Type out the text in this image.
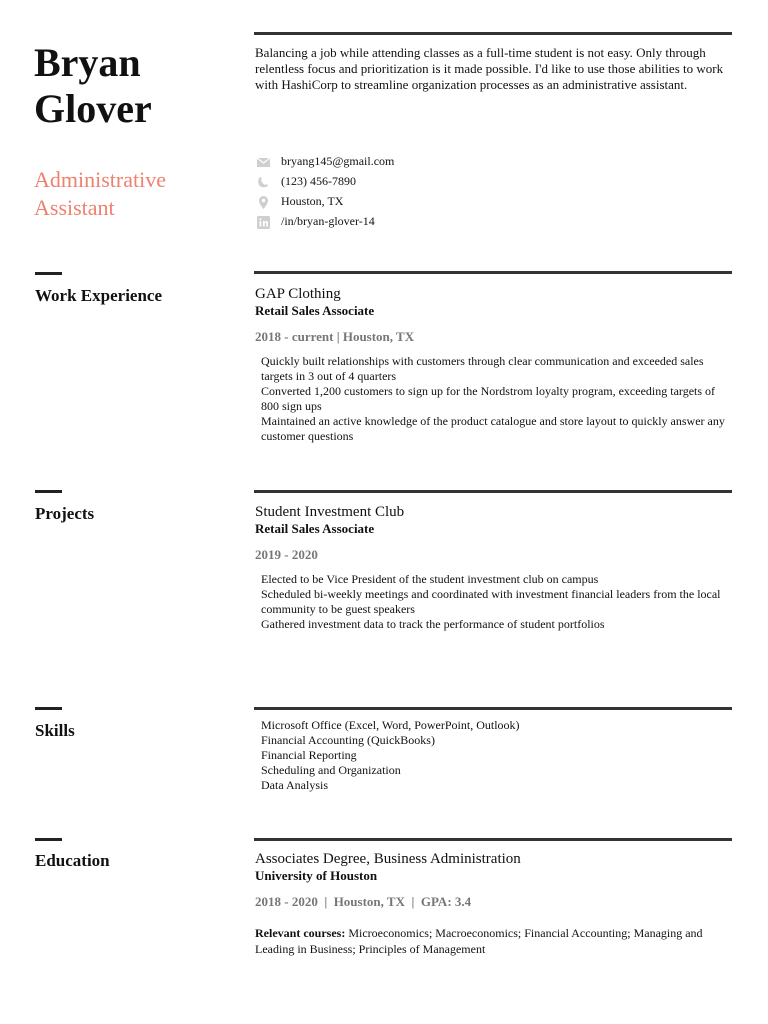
Bryan
Glover
Administrative
Assistant
Balancing a job while attending classes as a full-time student is not easy. Only through relentless focus and prioritization is it made possible. I'd like to use those abilities to work with HashiCorp to streamline organization processes as an administrative assistant.
bryang145@gmail.com
(123) 456-7890
Houston, TX
/in/bryan-glover-14
Work Experience	GAP Clothing
Retail Sales Associate
2018 - current | Houston, TX
Quickly built relationships with customers through clear communication and exceeded sales targets in 3 out of 4 quarters
Converted 1,200 customers to sign up for the Nordstrom loyalty program, exceeding targets of 800 sign ups
Maintained an active knowledge of the product catalogue and store layout to quickly answer any customer questions
Projects	Student Investment Club
Retail Sales Associate
2019 - 2020
Elected to be Vice President of the student investment club on campus
Scheduled bi-weekly meetings and coordinated with investment financial leaders from the local community to be guest speakers
Gathered investment data to track the performance of student portfolios
Skills	Microsoft Office (Excel, Word, PowerPoint, Outlook)
Financial Accounting (QuickBooks)
Financial Reporting
Scheduling and Organization
Data Analysis
Education	Associates Degree, Business Administration
University of Houston
2018 - 2020  |  Houston, TX  |  GPA: 3.4
Relevant courses: Microeconomics; Macroeconomics; Financial Accounting; Managing and Leading in Business; Principles of Management
